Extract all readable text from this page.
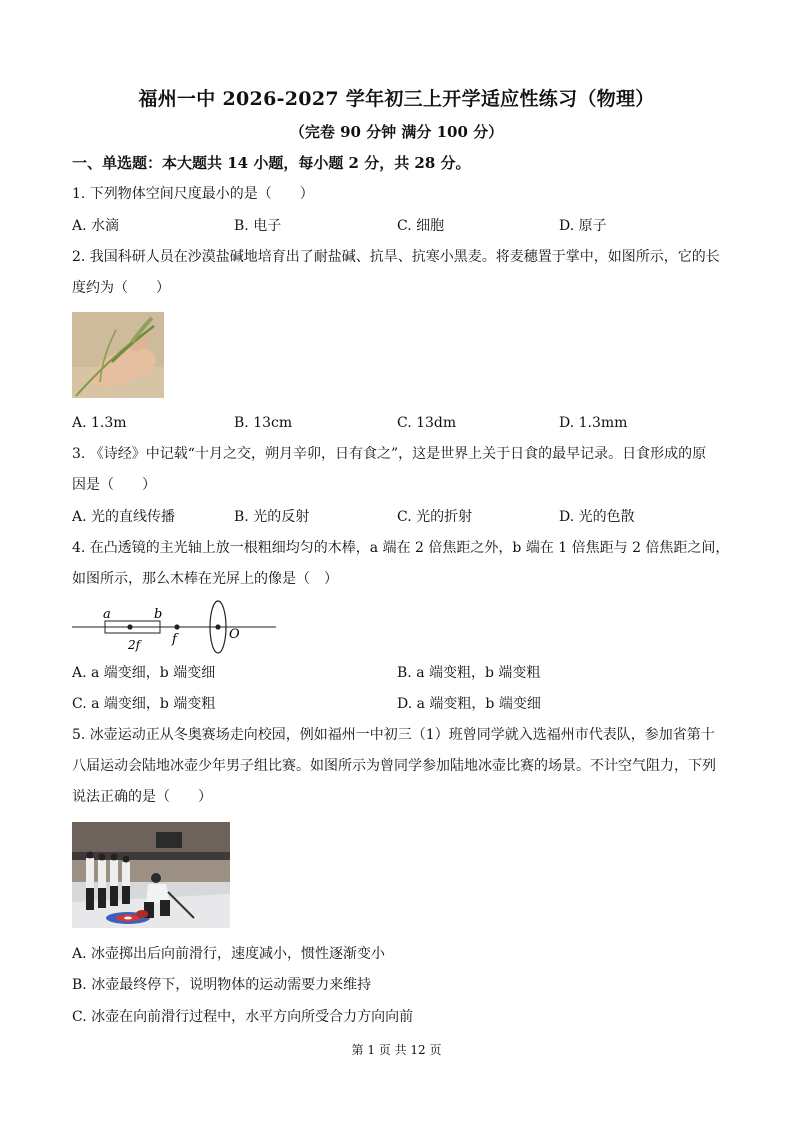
福州一中 2026-2027 学年初三上开学适应性练习（物理）
（完卷 90 分钟 满分 100 分）
一、单选题：本大题共 14 小题，每小题 2 分，共 28 分。
1. 下列物体空间尺度最小的是（　　）
A. 水滴	B. 电子	C. 细胞	D. 原子
2. 我国科研人员在沙漠盐碱地培育出了耐盐碱、抗旱、抗寒小黑麦。将麦穗置于掌中，如图所示，它的长
度约为（　　）
A. 1.3m	B. 13cm	C. 13dm	D. 1.3mm
3. 《诗经》中记载“十月之交，朔月辛卯，日有食之”，这是世界上关于日食的最早记录。日食形成的原
因是（　　）
A. 光的直线传播	B. 光的反射	C. 光的折射	D. 光的色散
4. 在凸透镜的主光轴上放一根粗细均匀的木棒，a 端在 2 倍焦距之外，b 端在 1 倍焦距与 2 倍焦距之间，
如图所示，那么木棒在光屏上的像是（　）
a	b
2f f	O
A. a 端变细，b 端变细	B. a 端变粗，b 端变粗
C. a 端变细，b 端变粗	D. a 端变粗，b 端变细
5. 冰壶运动正从冬奥赛场走向校园，例如福州一中初三（1）班曾同学就入选福州市代表队，参加省第十
八届运动会陆地冰壶少年男子组比赛。如图所示为曾同学参加陆地冰壶比赛的场景。不计空气阻力，下列
说法正确的是（　　）
A. 冰壶掷出后向前滑行，速度减小，惯性逐渐变小
B. 冰壶最终停下，说明物体的运动需要力来维持
C. 冰壶在向前滑行过程中，水平方向所受合力方向向前
第 1 页 共 12 页
